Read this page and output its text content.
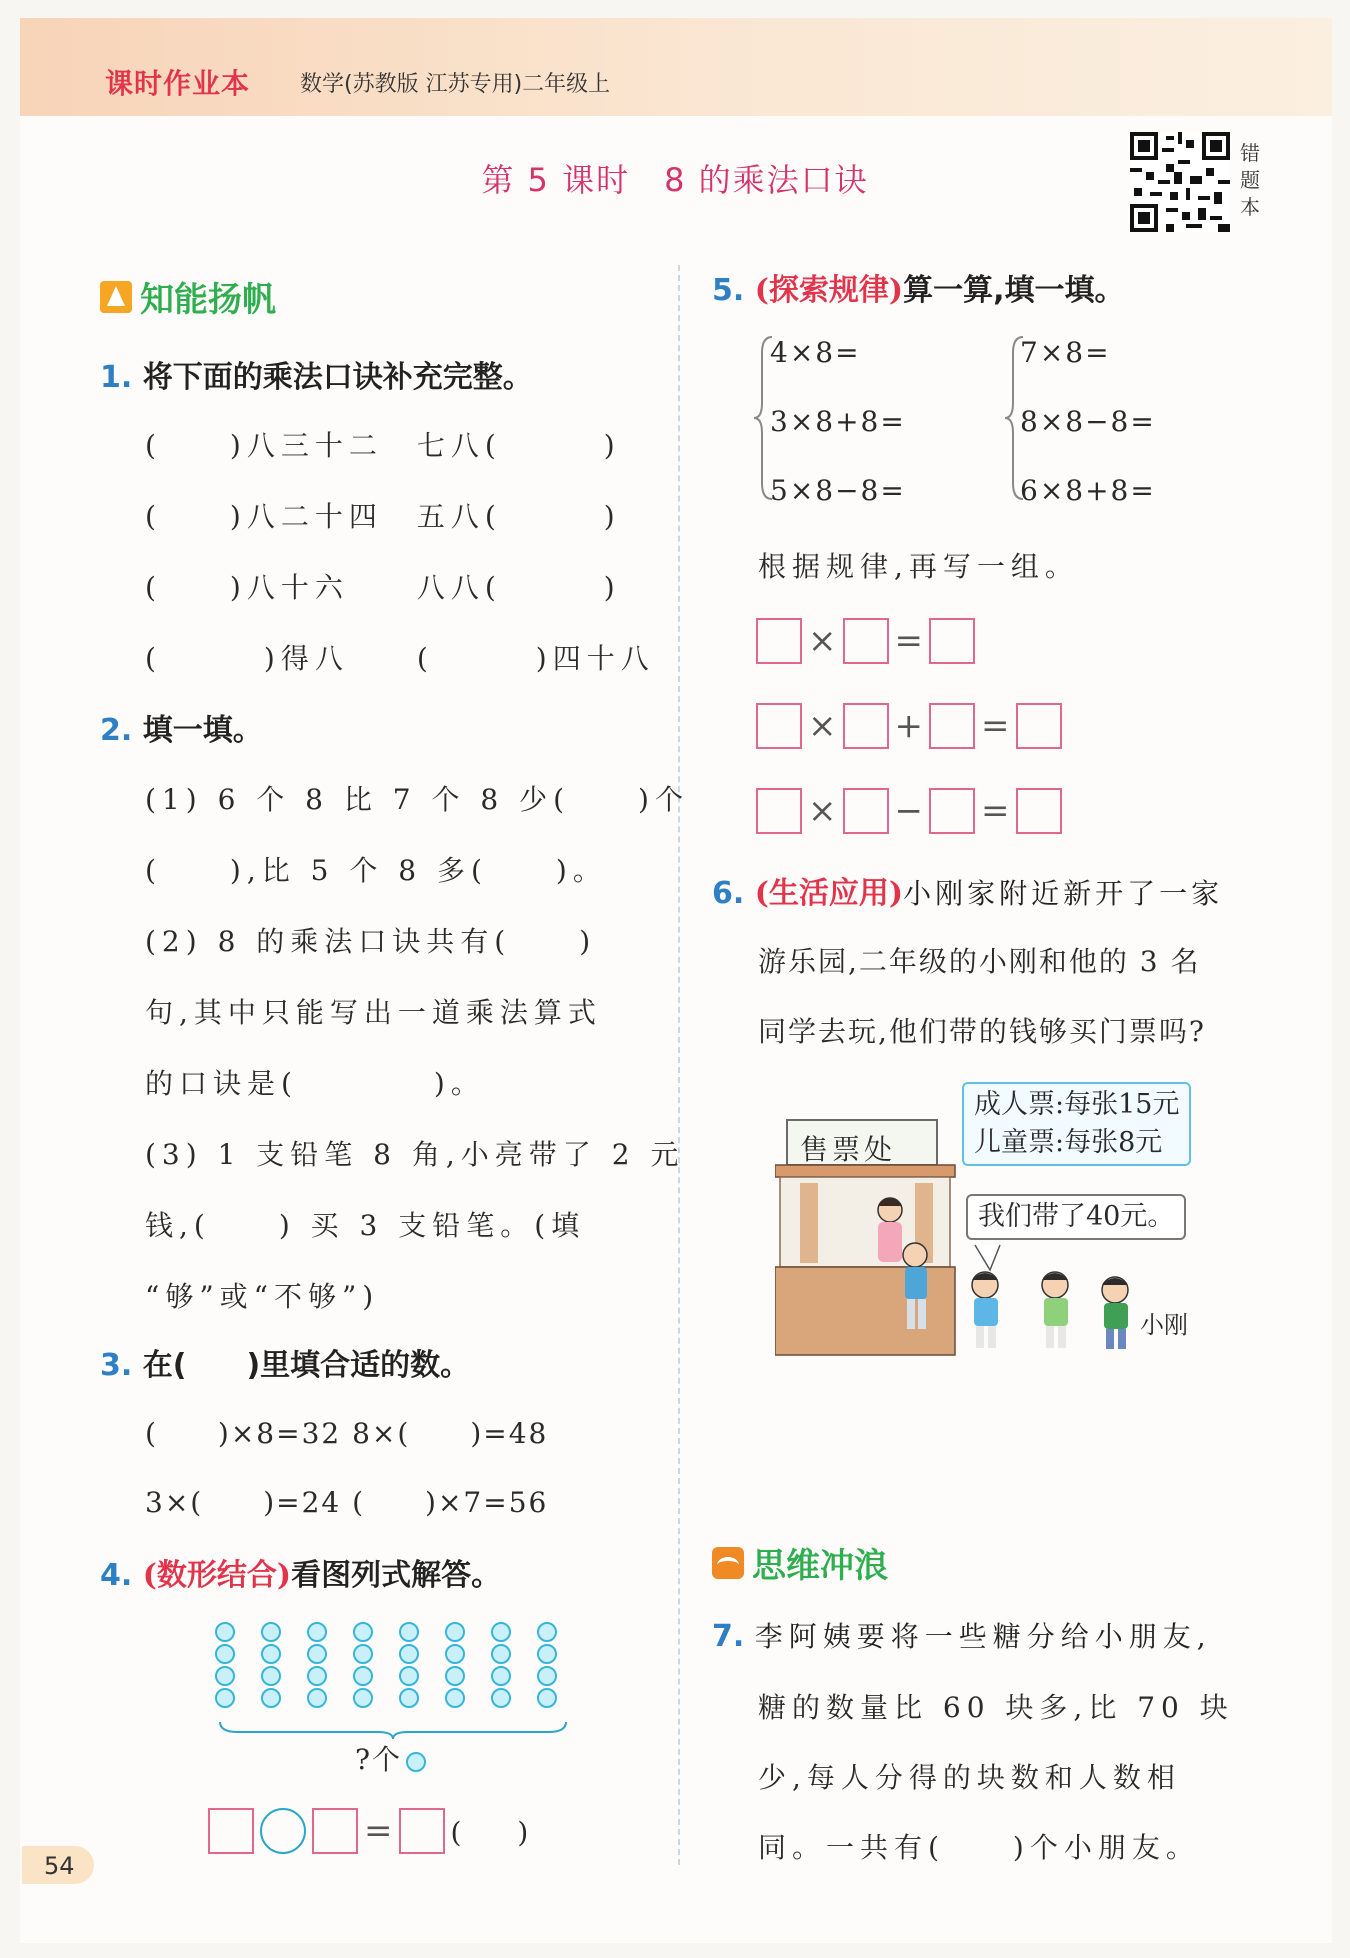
课时作业本 数学(苏教版 江苏专用)二年级上
第 5 课时　8 的乘法口诀
错题本
知能扬帆
1. 将下面的乘法口诀补充完整。
(　　)八三十二　七八(　　　)
(　　)八二十四　五八(　　　)
(　　)八十六　　八八(　　　)
(　　　)得八　　(　　　)四十八
2. 填一填。
(1) 6 个 8 比 7 个 8 少(　　)个
(　　),比 5 个 8 多(　　)。
(2) 8 的乘法口诀共有(　　)
句,其中只能写出一道乘法算式
的口诀是(　　　　)。
(3) 1 支铅笔 8 角,小亮带了 2 元
钱,(　　) 买 3 支铅笔。(填
“够”或“不够”)
3. 在( )里填合适的数。
(　　)×8=32 8×(　　)=48
3×(　　)=24 (　　)×7=56
4. (数形结合)看图列式解答。
?个
= (　　)
54
5. (探索规律)算一算,填一填。
4×8=
3×8+8=
5×8−8=
7×8=
8×8−8=
6×8+8=
根据规律,再写一组。
× =
× + =
× − =
6. (生活应用)小刚家附近新开了一家
游乐园,二年级的小刚和他的 3 名
同学去玩,他们带的钱够买门票吗?
售票处
成人票:每张15元
儿童票:每张8元
我们带了40元。
小刚
思维冲浪
7. 李阿姨要将一些糖分给小朋友,
糖的数量比 60 块多,比 70 块
少,每人分得的块数和人数相
同。一共有(　　)个小朋友。
